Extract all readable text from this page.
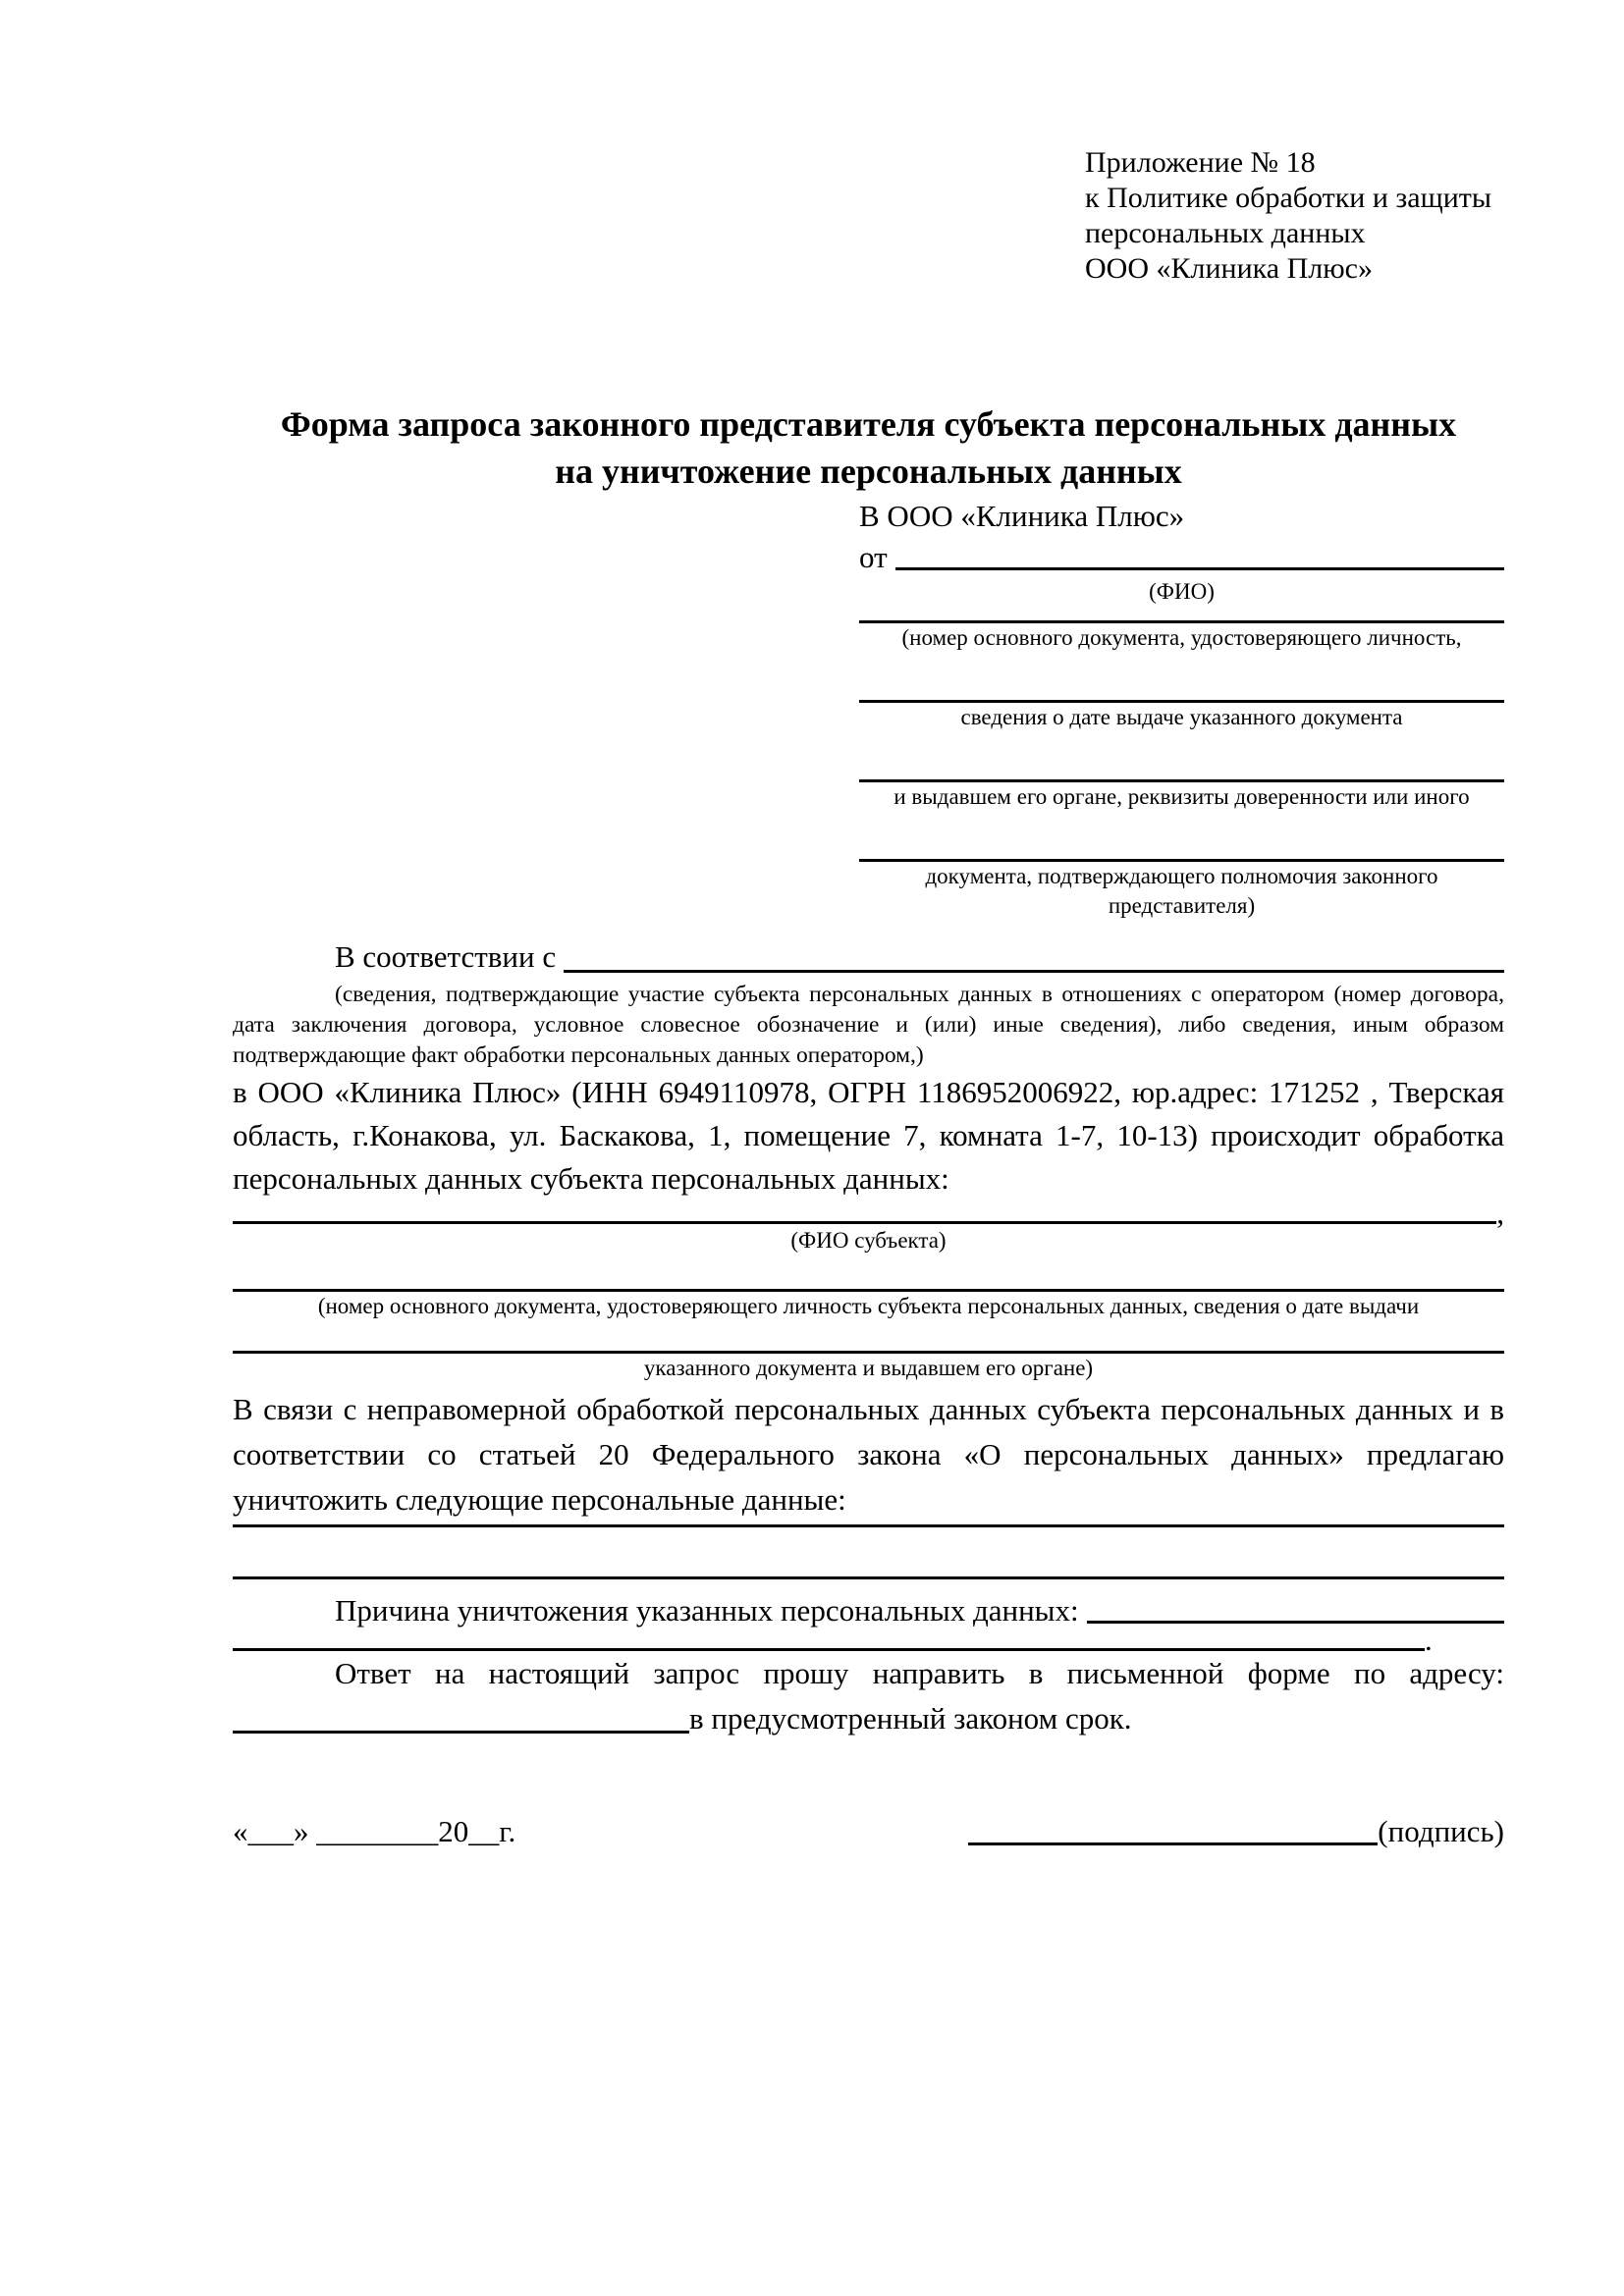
Приложение № 18
к Политике обработки и защиты
персональных данных
ООО «Клиника Плюс»
Форма запроса законного представителя субъекта персональных данных
на уничтожение персональных данных
В ООО «Клиника Плюс»
от
(ФИО)
(номер основного документа, удостоверяющего личность,
сведения о дате выдаче указанного документа
и выдавшем его органе, реквизиты доверенности или иного
документа, подтверждающего полномочия законного представителя)
В соответствии с
(сведения, подтверждающие участие субъекта персональных данных в отношениях с оператором (номер договора, дата заключения договора, условное словесное обозначение и (или) иные сведения), либо сведения, иным образом подтверждающие факт обработки персональных данных оператором,)

в ООО «Клиника Плюс» (ИНН 6949110978, ОГРН 1186952006922, юр.адрес: 171252 , Тверская область, г.Конакова, ул. Баскакова, 1, помещение 7, комната 1-7, 10-13) происходит обработка персональных данных субъекта персональных данных:

,
(ФИО субъекта)
(номер основного документа, удостоверяющего личность субъекта персональных данных, сведения о дате выдачи
указанного документа и выдавшем его органе)

В связи с неправомерной обработкой персональных данных субъекта персональных данных и в соответствии со статьей 20 Федерального закона «О персональных данных» предлагаю уничтожить следующие персональные данные:

Причина уничтожения указанных персональных данных:
.

Ответ на настоящий запрос прошу направить в письменной форме по адресу:

в предусмотренный законом срок.
«___» ________20__г.	(подпись)
